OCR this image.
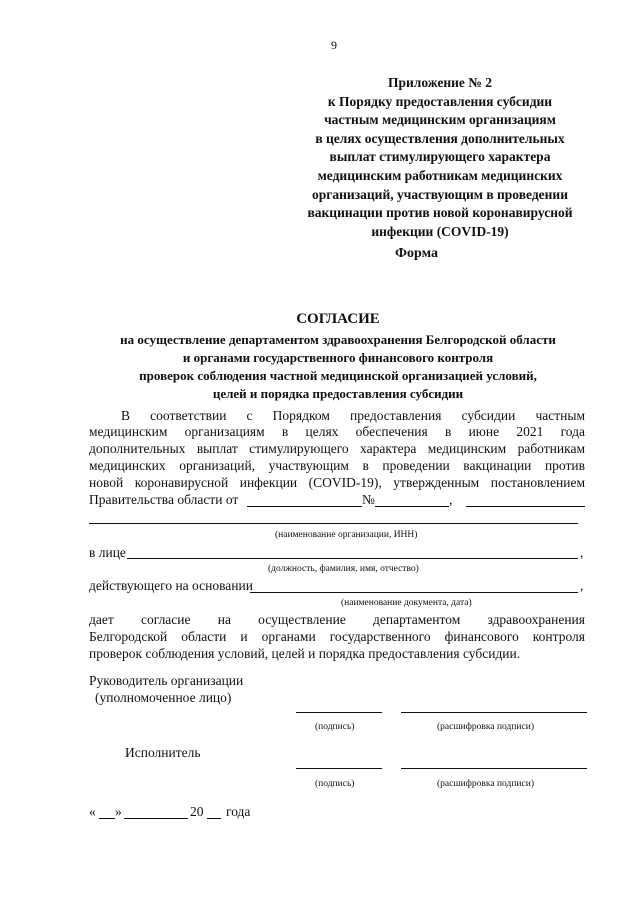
9
Приложение № 2
к Порядку предоставления субсидии
частным медицинским организациям
в целях осуществления дополнительных
выплат стимулирующего характера
медицинским работникам медицинских
организаций, участвующим в проведении
вакцинации против новой коронавирусной
инфекции (COVID-19)
Форма
СОГЛАСИЕ
на осуществление департаментом здравоохранения Белгородской области
и органами государственного финансового контроля
проверок соблюдения частной медицинской организацией условий,
целей и порядка предоставления субсидии
В соответствии с Порядком предоставления субсидии частным
медицинским организациям в целях обеспечения в июне 2021 года
дополнительных выплат стимулирующего характера медицинским работникам
медицинских организаций, участвующим в проведении вакцинации против
новой коронавирусной инфекции (COVID-19), утвержденным постановлением
Правительства области от	№	,
(наименование организации, ИНН)
в лице	,
(должность, фамилия, имя, отчество)
действующего на основании	,
(наименование документа, дата)
дает согласие на осуществление департаментом здравоохранения
Белгородской области и органами государственного финансового контроля
проверок соблюдения условий, целей и порядка предоставления субсидии.
Руководитель организации
(уполномоченное лицо)
(подпись)	(расшифровка подписи)
Исполнитель
(подпись)	(расшифровка подписи)
« »	20 года
